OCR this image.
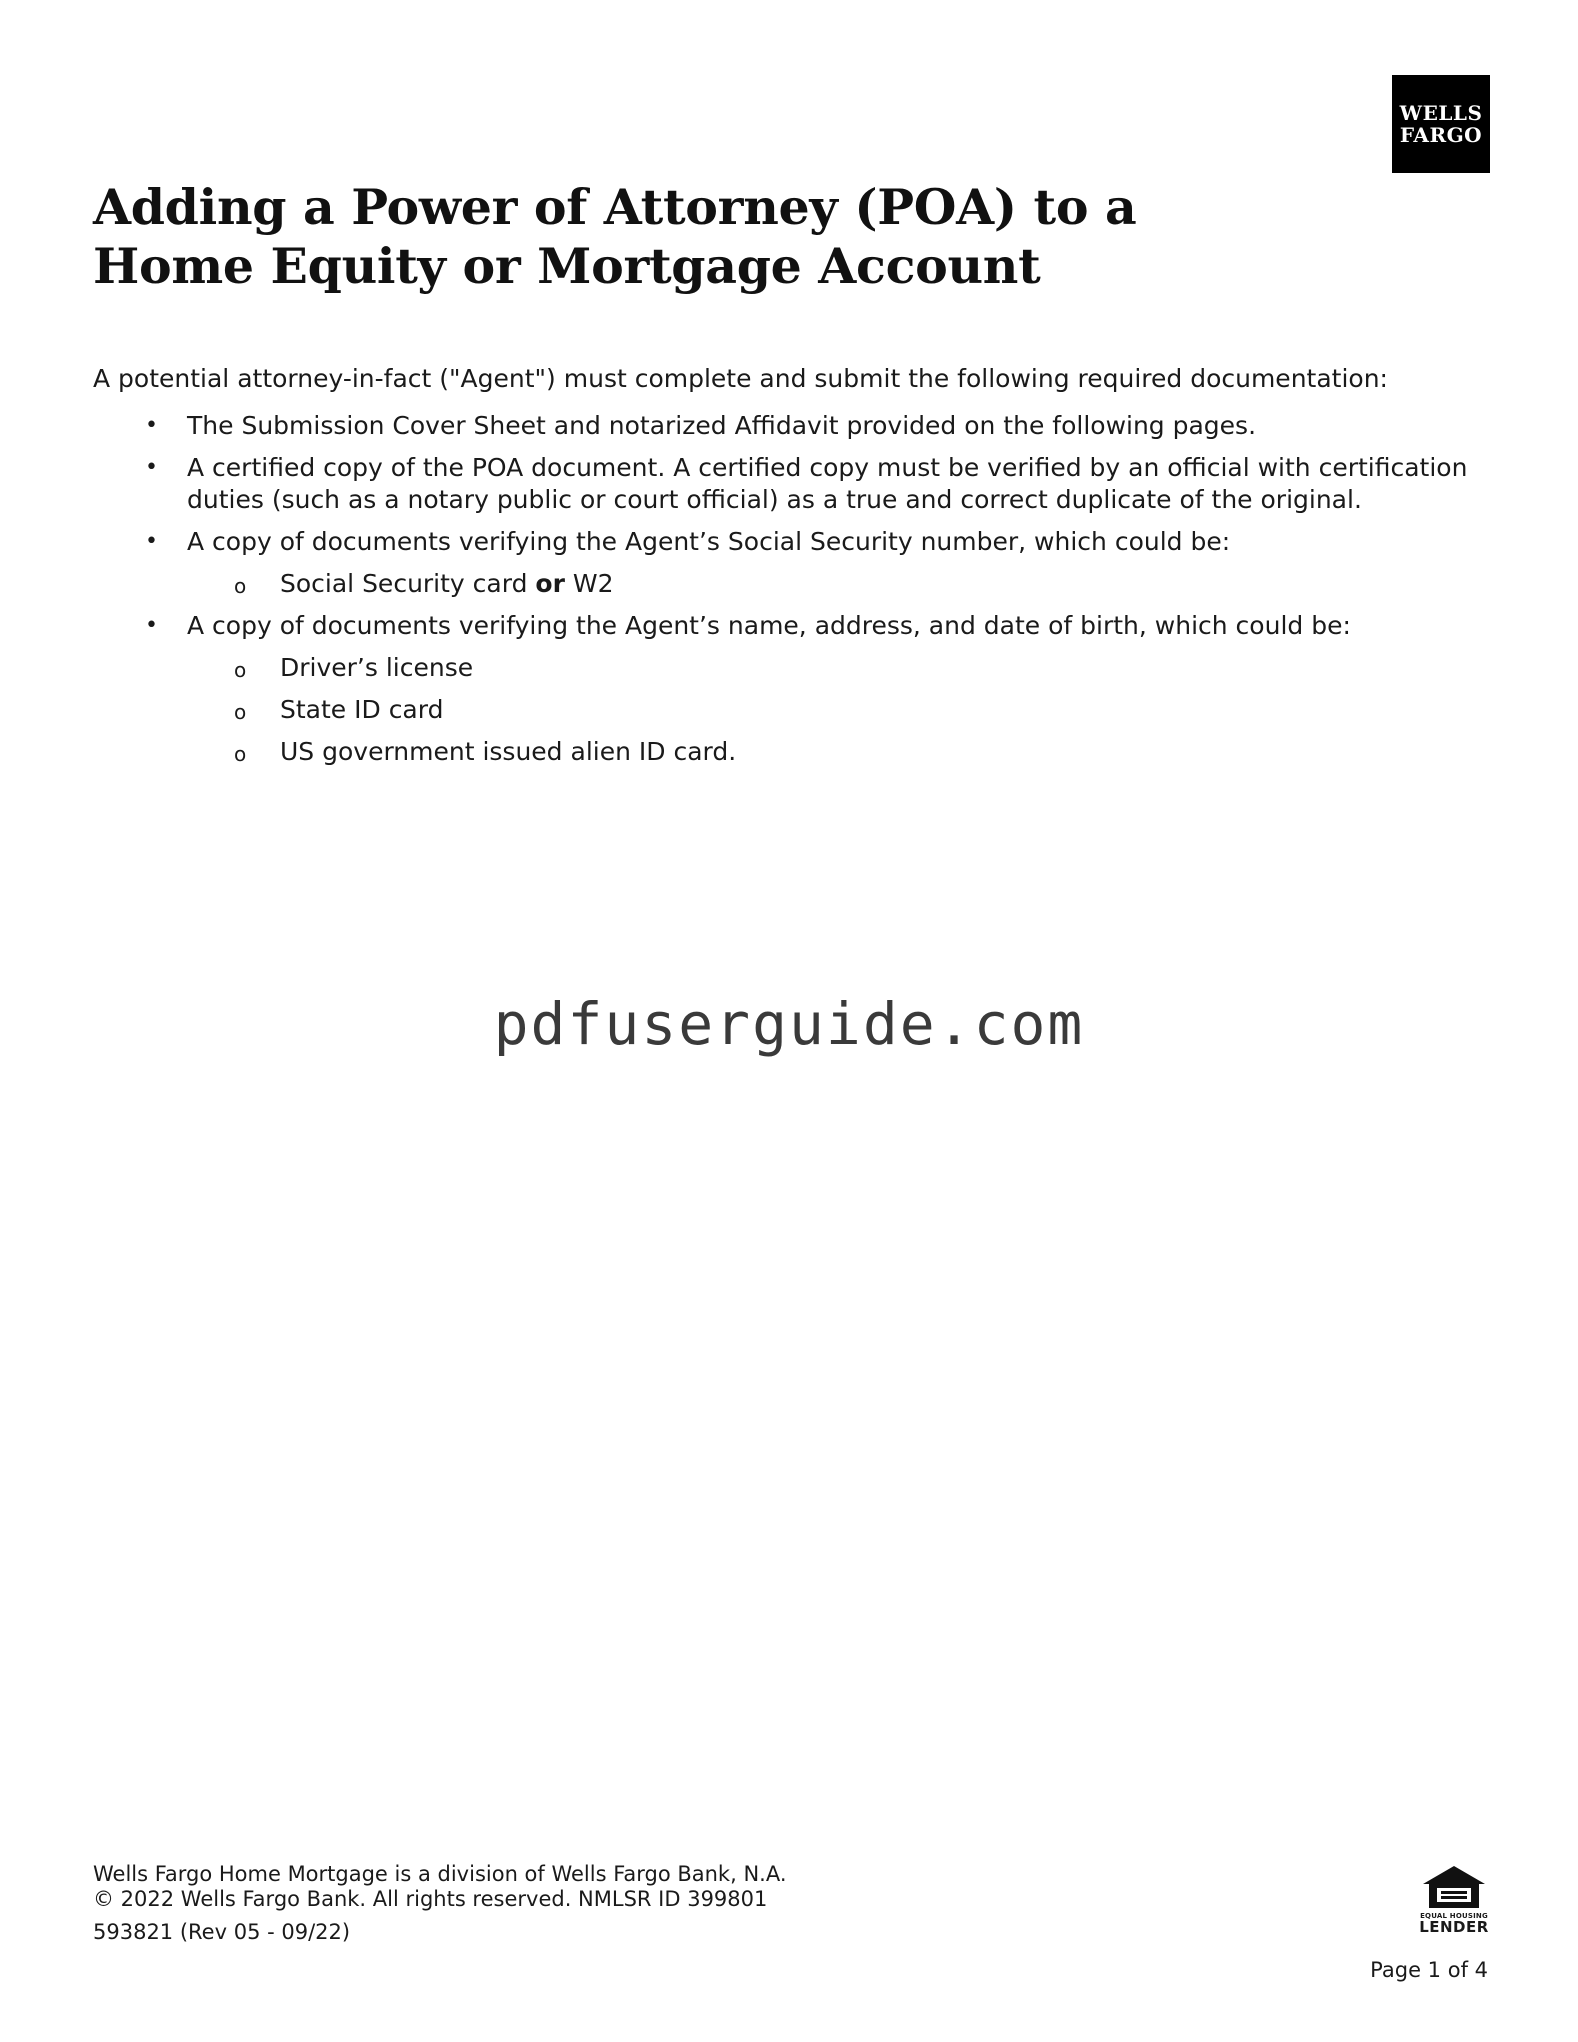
WELLS
FARGO
Adding a Power of Attorney (POA) to a
Home Equity or Mortgage Account

A potential attorney-in-fact ("Agent") must complete and submit the following required documentation:

• The Submission Cover Sheet and notarized Affidavit provided on the following pages.
• A certified copy of the POA document. A certified copy must be verified by an official with certification duties (such as a notary public or court official) as a true and correct duplicate of the original.
• A copy of documents verifying the Agent’s Social Security number, which could be:
o Social Security card or W2
• A copy of documents verifying the Agent’s name, address, and date of birth, which could be:
o Driver’s license
o State ID card
o US government issued alien ID card.
pdfuserguide.com
Wells Fargo Home Mortgage is a division of Wells Fargo Bank, N.A.
© 2022 Wells Fargo Bank. All rights reserved. NMLSR ID 399801
593821 (Rev 05 - 09/22)
EQUAL HOUSING
LENDER
Page 1 of 4
